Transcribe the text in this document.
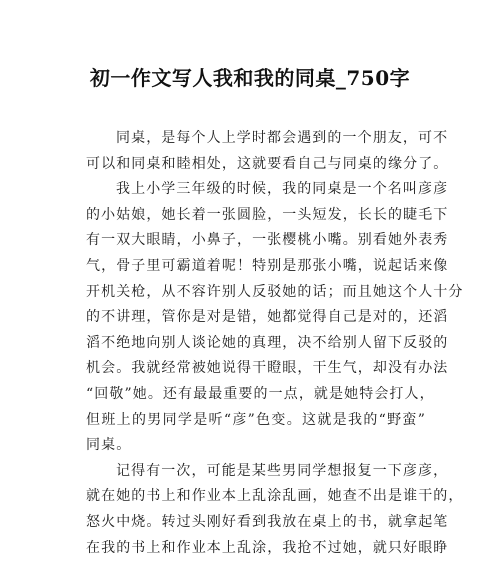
初一作文写人我和我的同桌_750字
同桌，是每个人上学时都会遇到的一个朋友，可不
可以和同桌和睦相处，这就要看自己与同桌的缘分了。
我上小学三年级的时候，我的同桌是一个名叫彦彦
的小姑娘，她长着一张圆脸，一头短发，长长的睫毛下
有一双大眼睛，小鼻子，一张樱桃小嘴。别看她外表秀
气，骨子里可霸道着呢！特别是那张小嘴，说起话来像
开机关枪，从不容许别人反驳她的话；而且她这个人十分
的不讲理，管你是对是错，她都觉得自己是对的，还滔
滔不绝地向别人谈论她的真理，决不给别人留下反驳的
机会。我就经常被她说得干瞪眼，干生气，却没有办法
“回敬”她。还有最最重要的一点，就是她特会打人，
但班上的男同学是听“彦”色变。这就是我的“野蛮”
同桌。
记得有一次，可能是某些男同学想报复一下彦彦，
就在她的书上和作业本上乱涂乱画，她查不出是谁干的，
怒火中烧。转过头刚好看到我放在桌上的书，就拿起笔
在我的书上和作业本上乱涂，我抢不过她，就只好眼睁
